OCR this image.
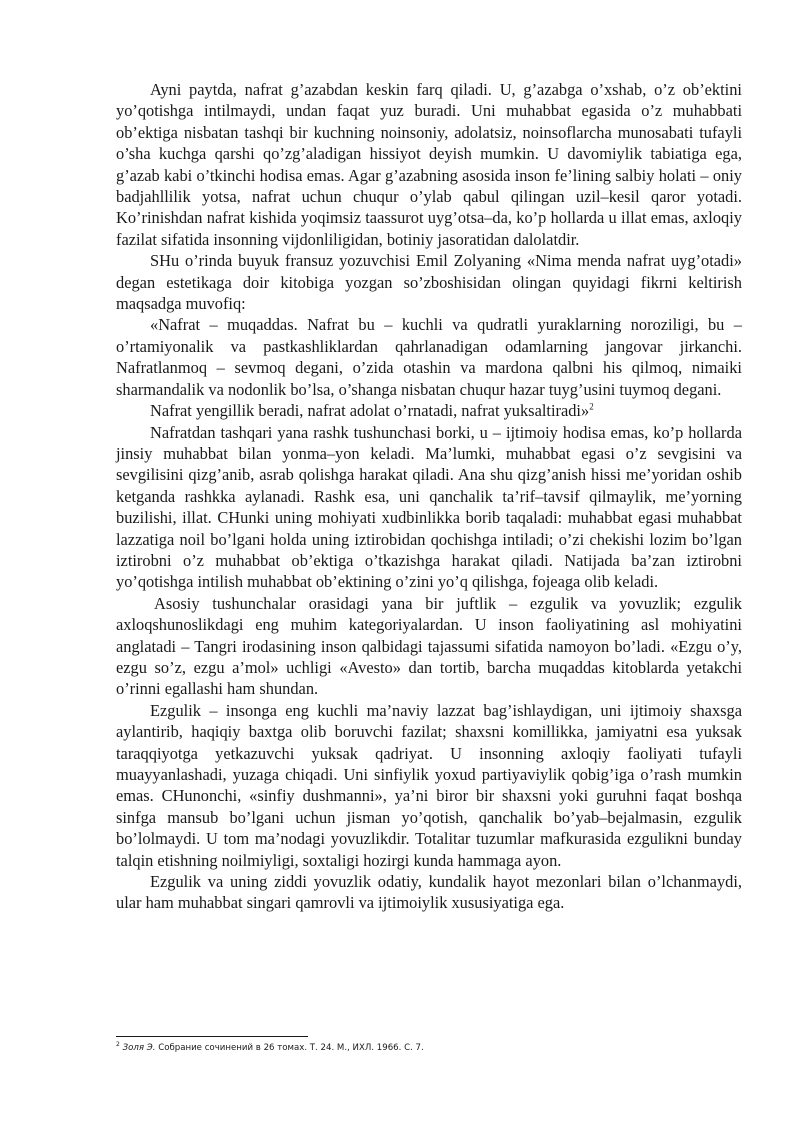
Ayni paytda, nafrat g’azabdan keskin farq qiladi. U, g’azabga o’xshab, o’z ob’ektini yo’qotishga intilmaydi, undan faqat yuz buradi. Uni muhabbat egasida o’z muhabbati ob’ektiga nisbatan tashqi bir kuchning noinsoniy, adolatsiz, noinsoflarcha munosabati tufayli o’sha kuchga qarshi qo’zg’aladigan hissiyot deyish mumkin. U davomiylik tabiatiga ega, g’azab kabi o’tkinchi hodisa emas. Agar g’azabning asosida inson fe’lining salbiy holati – oniy badjahllilik yotsa, nafrat uchun chuqur o’ylab qabul qilingan uzil–kesil qaror yotadi. Ko’rinishdan nafrat kishida yoqimsiz taassurot uyg’otsa–da, ko’p hollarda u illat emas, axloqiy fazilat sifatida insonning vijdonliligidan, botiniy jasoratidan dalolatdir.

SHu o’rinda buyuk fransuz yozuvchisi Emil Zolyaning «Nima menda nafrat uyg’otadi» degan estetikaga doir kitobiga yozgan so’zboshisidan olingan quyidagi fikrni keltirish maqsadga muvofiq:

«Nafrat – muqaddas. Nafrat bu – kuchli va qudratli yuraklarning noroziligi, bu – o’rtamiyonalik va pastkashliklardan qahrlanadigan odamlarning jangovar jirkanchi. Nafratlanmoq – sevmoq degani, o’zida otashin va mardona qalbni his qilmoq, nimaiki sharmandalik va nodonlik bo’lsa, o’shanga nisbatan chuqur hazar tuyg’usini tuymoq degani.

Nafrat yengillik beradi, nafrat adolat o’rnatadi, nafrat yuksaltiradi»$^2$

Nafratdan tashqari yana rashk tushunchasi borki, u – ijtimoiy hodisa emas, ko’p hollarda jinsiy muhabbat bilan yonma–yon keladi. Ma’lumki, muhabbat egasi o’z sevgisini va sevgilisini qizg’anib, asrab qolishga harakat qiladi. Ana shu qizg’anish hissi me’yoridan oshib ketganda rashkka aylanadi. Rashk esa, uni qanchalik ta’rif–tavsif qilmaylik, me’yorning buzilishi, illat. CHunki uning mohiyati xudbinlikka borib taqaladi: muhabbat egasi muhabbat lazzatiga noil bo’lgani holda uning iztirobidan qochishga intiladi; o’zi chekishi lozim bo’lgan iztirobni o’z muhabbat ob’ektiga o’tkazishga harakat qiladi. Natijada ba’zan iztirobni yo’qotishga intilish muhabbat ob’ektining o’zini yo’q qilishga, fojeaga olib keladi.

Asosiy tushunchalar orasidagi yana bir juftlik – ezgulik va yovuzlik; ezgulik axloqshunoslikdagi eng muhim kategoriyalardan. U inson faoliyatining asl mohiyatini anglatadi – Tangri irodasining inson qalbidagi tajassumi sifatida namoyon bo’ladi. «Ezgu o’y, ezgu so’z, ezgu a’mol» uchligi «Avesto» dan tortib, barcha muqaddas kitoblarda yetakchi o’rinni egallashi ham shundan.

Ezgulik – insonga eng kuchli ma’naviy lazzat bag’ishlaydigan, uni ijtimoiy shaxsga aylantirib, haqiqiy baxtga olib boruvchi fazilat; shaxsni komillikka, jamiyatni esa yuksak taraqqiyotga yetkazuvchi yuksak qadriyat. U insonning axloqiy faoliyati tufayli muayyanlashadi, yuzaga chiqadi. Uni sinfiylik yoxud partiyaviylik qobig’iga o’rash mumkin emas. CHunonchi, «sinfiy dushmanni», ya’ni biror bir shaxsni yoki guruhni faqat boshqa sinfga mansub bo’lgani uchun jisman yo’qotish, qanchalik bo’yab–bejalmasin, ezgulik bo’lolmaydi. U tom ma’nodagi yovuzlikdir. Totalitar tuzumlar mafkurasida ezgulikni bunday talqin etishning noilmiyligi, soxtaligi hozirgi kunda hammaga ayon.

Ezgulik va uning ziddi yovuzlik odatiy, kundalik hayot mezonlari bilan o’lchanmaydi, ular ham muhabbat singari qamrovli va ijtimoiylik xususiyatiga ega.

$^2$ Золя Э. Собрание сочинений в 26 томах. Т. 24. М., ИХЛ. 1966. С. 7.
